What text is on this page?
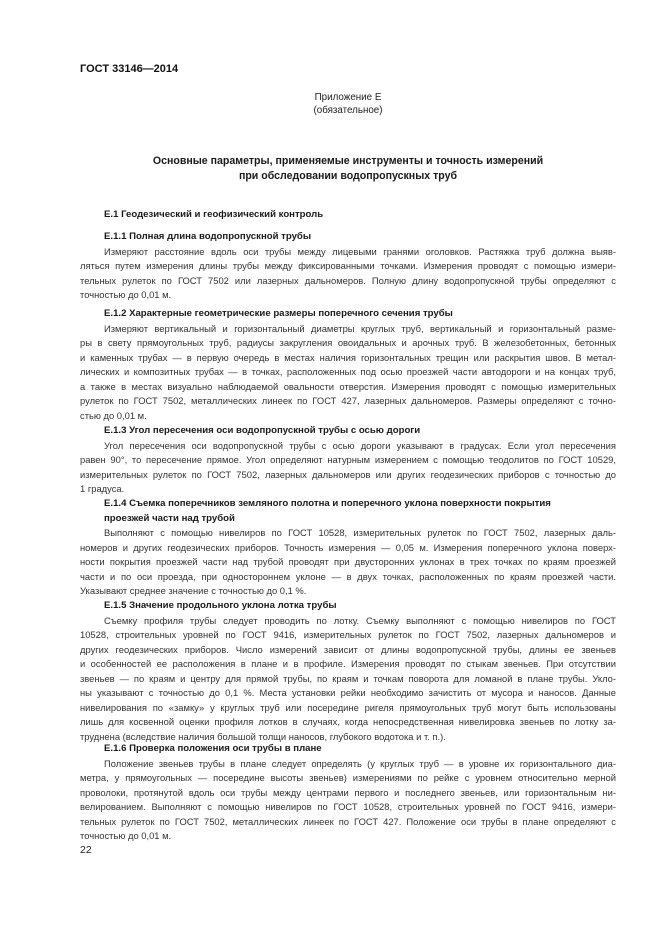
ГОСТ 33146—2014
Приложение Е
(обязательное)
Основные параметры, применяемые инструменты и точность измерений
при обследовании водопропускных труб
Е.1 Геодезический и геофизический контроль
Е.1.1 Полная длина водопропускной трубы
Измеряют расстояние вдоль оси трубы между лицевыми гранями оголовков. Растяжка труб должна выяв-
ляться путем измерения длины трубы между фиксированными точками. Измерения проводят с помощью измери-
тельных рулеток по ГОСТ 7502 или лазерных дальномеров. Полную длину водопропускной трубы определяют с
точностью до 0,01 м.
Е.1.2 Характерные геометрические размеры поперечного сечения трубы
Измеряют вертикальный и горизонтальный диаметры круглых труб, вертикальный и горизонтальный разме-
ры в свету прямоугольных труб, радиусы закругления овоидальных и арочных труб. В железобетонных, бетонных
и каменных трубах — в первую очередь в местах наличия горизонтальных трещин или раскрытия швов. В метал-
лических и композитных трубах — в точках, расположенных под осью проезжей части автодороги и на концах труб,
а также в местах визуально наблюдаемой овальности отверстия. Измерения проводят с помощью измерительных
рулеток по ГОСТ 7502, металлических линеек по ГОСТ 427, лазерных дальномеров. Размеры определяют с точно-
стью до 0,01 м.
Е.1.3 Угол пересечения оси водопропускной трубы с осью дороги
Угол пересечения оси водопропускной трубы с осью дороги указывают в градусах. Если угол пересечения
равен 90°, то пересечение прямое. Угол определяют натурным измерением с помощью теодолитов по ГОСТ 10529,
измерительных рулеток по ГОСТ 7502, лазерных дальномеров или других геодезических приборов с точностью до
1 градуса.
Е.1.4 Съемка поперечников земляного полотна и поперечного уклона поверхности покрытия
проезжей части над трубой
Выполняют с помощью нивелиров по ГОСТ 10528, измерительных рулеток по ГОСТ 7502, лазерных даль-
номеров и других геодезических приборов. Точность измерения — 0,05 м. Измерения поперечного уклона поверх-
ности покрытия проезжей части над трубой проводят при двусторонних уклонах в трех точках по краям проезжей
части и по оси проезда, при одностороннем уклоне — в двух точках, расположенных по краям проезжей части.
Указывают среднее значение с точностью до 0,1 %.
Е.1.5 Значение продольного уклона лотка трубы
Съемку профиля трубы следует проводить по лотку. Съемку выполняют с помощью нивелиров по ГОСТ
10528, строительных уровней по ГОСТ 9416, измерительных рулеток по ГОСТ 7502, лазерных дальномеров и
других геодезических приборов. Число измерений зависит от длины водопропускной трубы, длины ее звеньев
и особенностей ее расположения в плане и в профиле. Измерения проводят по стыкам звеньев. При отсутствии
звеньев — по краям и центру для прямой трубы, по краям и точкам поворота для ломаной в плане трубы. Укло-
ны указывают с точностью до 0,1 %. Места установки рейки необходимо зачистить от мусора и наносов. Данные
нивелирования по «замку» у круглых труб или посередине ригеля прямоугольных труб могут быть использованы
лишь для косвенной оценки профиля лотков в случаях, когда непосредственная нивелировка звеньев по лотку за-
труднена (вследствие наличия большой толщи наносов, глубокого водотока и т. п.).
Е.1.6 Проверка положения оси трубы в плане
Положение звеньев трубы в плане следует определять (у круглых труб — в уровне их горизонтального диа-
метра, у прямоугольных — посередине высоты звеньев) измерениями по рейке с уровнем относительно мерной
проволоки, протянутой вдоль оси трубы между центрами первого и последнего звеньев, или горизонтальным ни-
велированием. Выполняют с помощью нивелиров по ГОСТ 10528, строительных уровней по ГОСТ 9416, измери-
тельных рулеток по ГОСТ 7502, металлических линеек по ГОСТ 427. Положение оси трубы в плане определяют с
точностью до 0,01 м.
22
